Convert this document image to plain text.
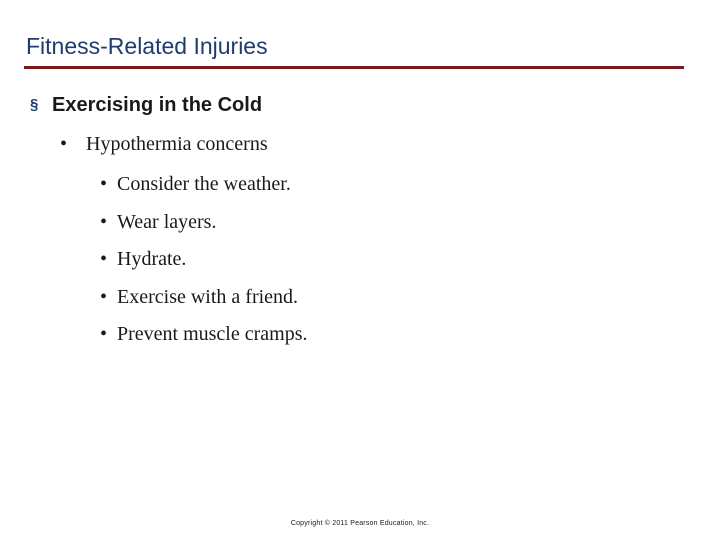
Fitness-Related Injuries
§ Exercising in the Cold
• Hypothermia concerns
• Consider the weather.
• Wear layers.
• Hydrate.
• Exercise with a friend.
• Prevent muscle cramps.
Copyright © 2011 Pearson Education, Inc.
